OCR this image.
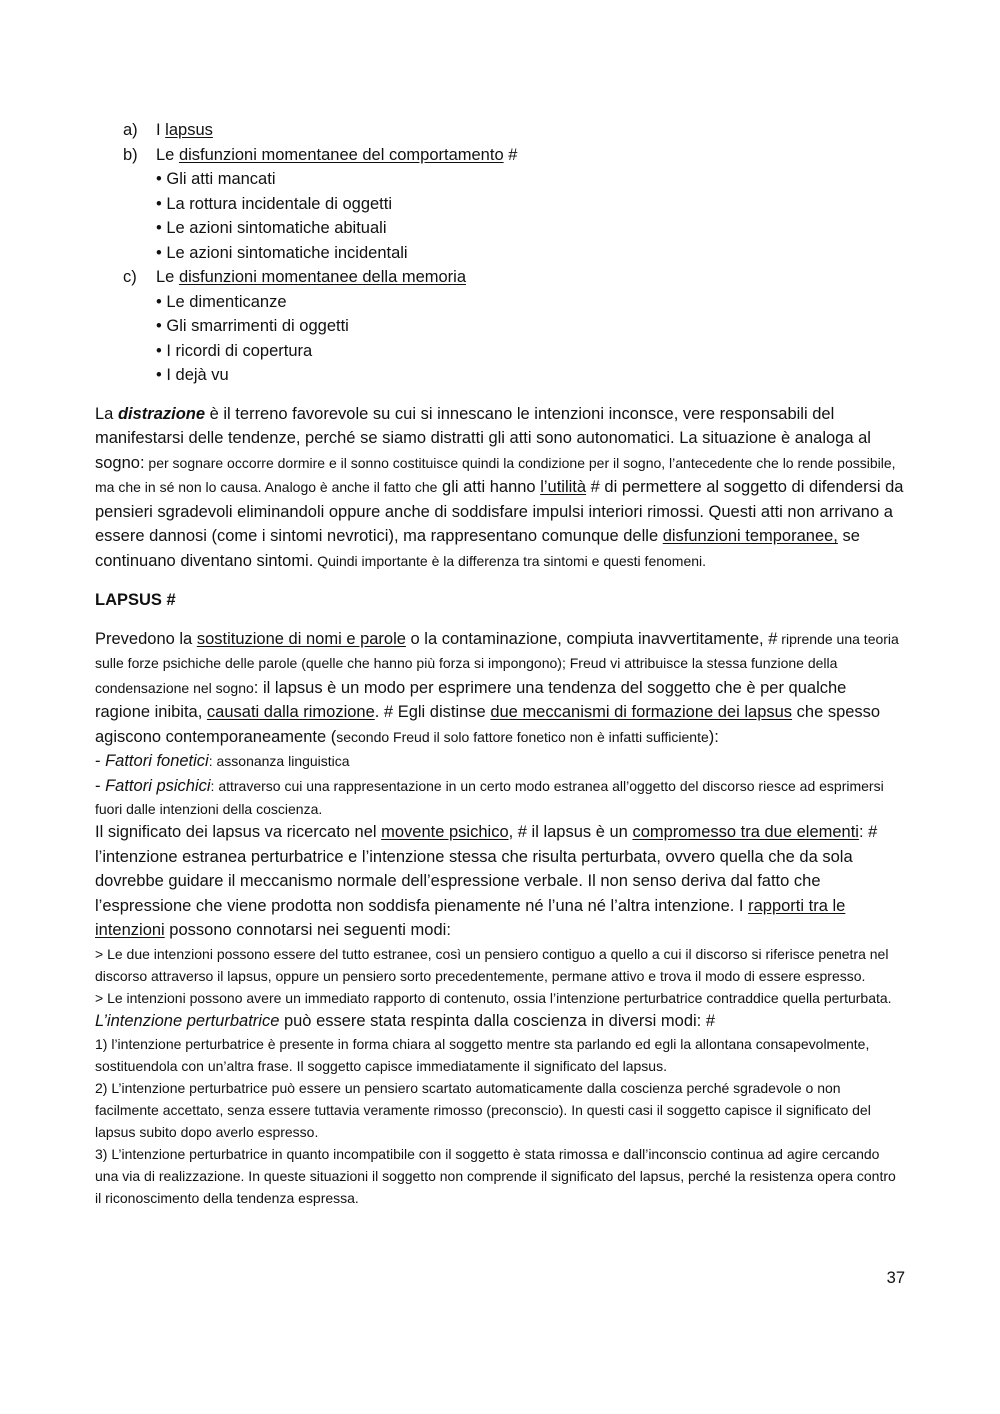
a) I lapsus
b) Le disfunzioni momentanee del comportamento #
• Gli atti mancati
• La rottura incidentale di oggetti
• Le azioni sintomatiche abituali
• Le azioni sintomatiche incidentali
c) Le disfunzioni momentanee della memoria
• Le dimenticanze
• Gli smarrimenti di oggetti
• I ricordi di copertura
• I dejà vu

La distrazione è il terreno favorevole su cui si innescano le intenzioni inconsce, vere responsabili del manifestarsi delle tendenze, perché se siamo distratti gli atti sono autonomatici. La situazione è analoga al sogno: per sognare occorre dormire e il sonno costituisce quindi la condizione per il sogno, l’antecedente che lo rende possibile, ma che in sé non lo causa. Analogo è anche il fatto che gli atti hanno l’utilità # di permettere al soggetto di difendersi da pensieri sgradevoli eliminandoli oppure anche di soddisfare impulsi interiori rimossi. Questi atti non arrivano a essere dannosi (come i sintomi nevrotici), ma rappresentano comunque delle disfunzioni temporanee, se continuano diventano sintomi. Quindi importante è la differenza tra sintomi e questi fenomeni.

LAPSUS #

Prevedono la sostituzione di nomi e parole o la contaminazione, compiuta inavvertitamente, # riprende una teoria sulle forze psichiche delle parole (quelle che hanno più forza si impongono); Freud vi attribuisce la stessa funzione della condensazione nel sogno: il lapsus è un modo per esprimere una tendenza del soggetto che è per qualche ragione inibita, causati dalla rimozione. # Egli distinse due meccanismi di formazione dei lapsus che spesso agiscono contemporaneamente (secondo Freud il solo fattore fonetico non è infatti sufficiente):

- Fattori fonetici: assonanza linguistica

- Fattori psichici: attraverso cui una rappresentazione in un certo modo estranea all’oggetto del discorso riesce ad esprimersi fuori dalle intenzioni della coscienza.

Il significato dei lapsus va ricercato nel movente psichico, # il lapsus è un compromesso tra due elementi: # l’intenzione estranea perturbatrice e l’intenzione stessa che risulta perturbata, ovvero quella che da sola dovrebbe guidare il meccanismo normale dell’espressione verbale. Il non senso deriva dal fatto che l’espressione che viene prodotta non soddisfa pienamente né l’una né l’altra intenzione. I rapporti tra le intenzioni possono connotarsi nei seguenti modi:

> Le due intenzioni possono essere del tutto estranee, così un pensiero contiguo a quello a cui il discorso si riferisce penetra nel discorso attraverso il lapsus, oppure un pensiero sorto precedentemente, permane attivo e trova il modo di essere espresso.

> Le intenzioni possono avere un immediato rapporto di contenuto, ossia l’intenzione perturbatrice contraddice quella perturbata.

L’intenzione perturbatrice può essere stata respinta dalla coscienza in diversi modi: #

1) l’intenzione perturbatrice è presente in forma chiara al soggetto mentre sta parlando ed egli la allontana consapevolmente, sostituendola con un’altra frase. Il soggetto capisce immediatamente il significato del lapsus.

2) L’intenzione perturbatrice può essere un pensiero scartato automaticamente dalla coscienza perché sgradevole o non facilmente accettato, senza essere tuttavia veramente rimosso (preconscio). In questi casi il soggetto capisce il significato del lapsus subito dopo averlo espresso.

3) L’intenzione perturbatrice in quanto incompatibile con il soggetto è stata rimossa e dall’inconscio continua ad agire cercando una via di realizzazione. In queste situazioni il soggetto non comprende il significato del lapsus, perché la resistenza opera contro il riconoscimento della tendenza espressa.

37
